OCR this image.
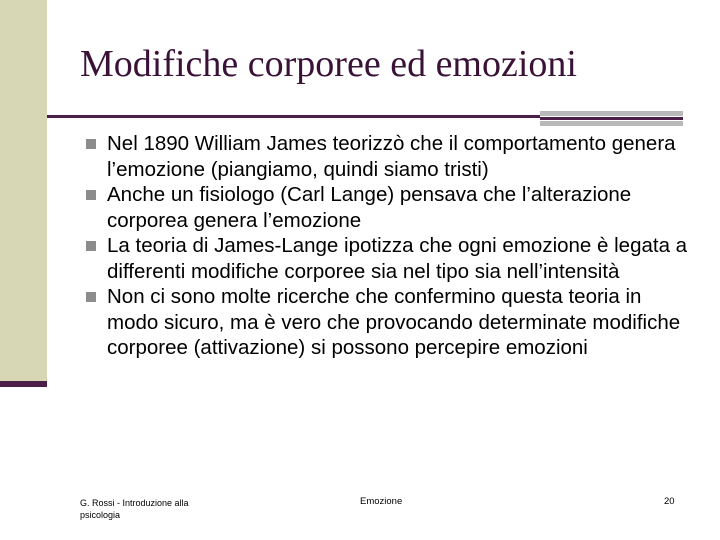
Modifiche corporee ed emozioni
Nel 1890 William James teorizzò che il comportamento genera l’emozione (piangiamo, quindi siamo tristi)
Anche un fisiologo (Carl Lange) pensava che l’alterazione corporea genera l’emozione
La teoria di James-Lange ipotizza che ogni emozione è legata a differenti modifiche corporee sia nel tipo sia nell’intensità
Non ci sono molte ricerche che confermino questa teoria in modo sicuro, ma è vero che provocando determinate modifiche corporee (attivazione) si possono percepire emozioni
G. Rossi - Introduzione alla psicologia
Emozione	20
